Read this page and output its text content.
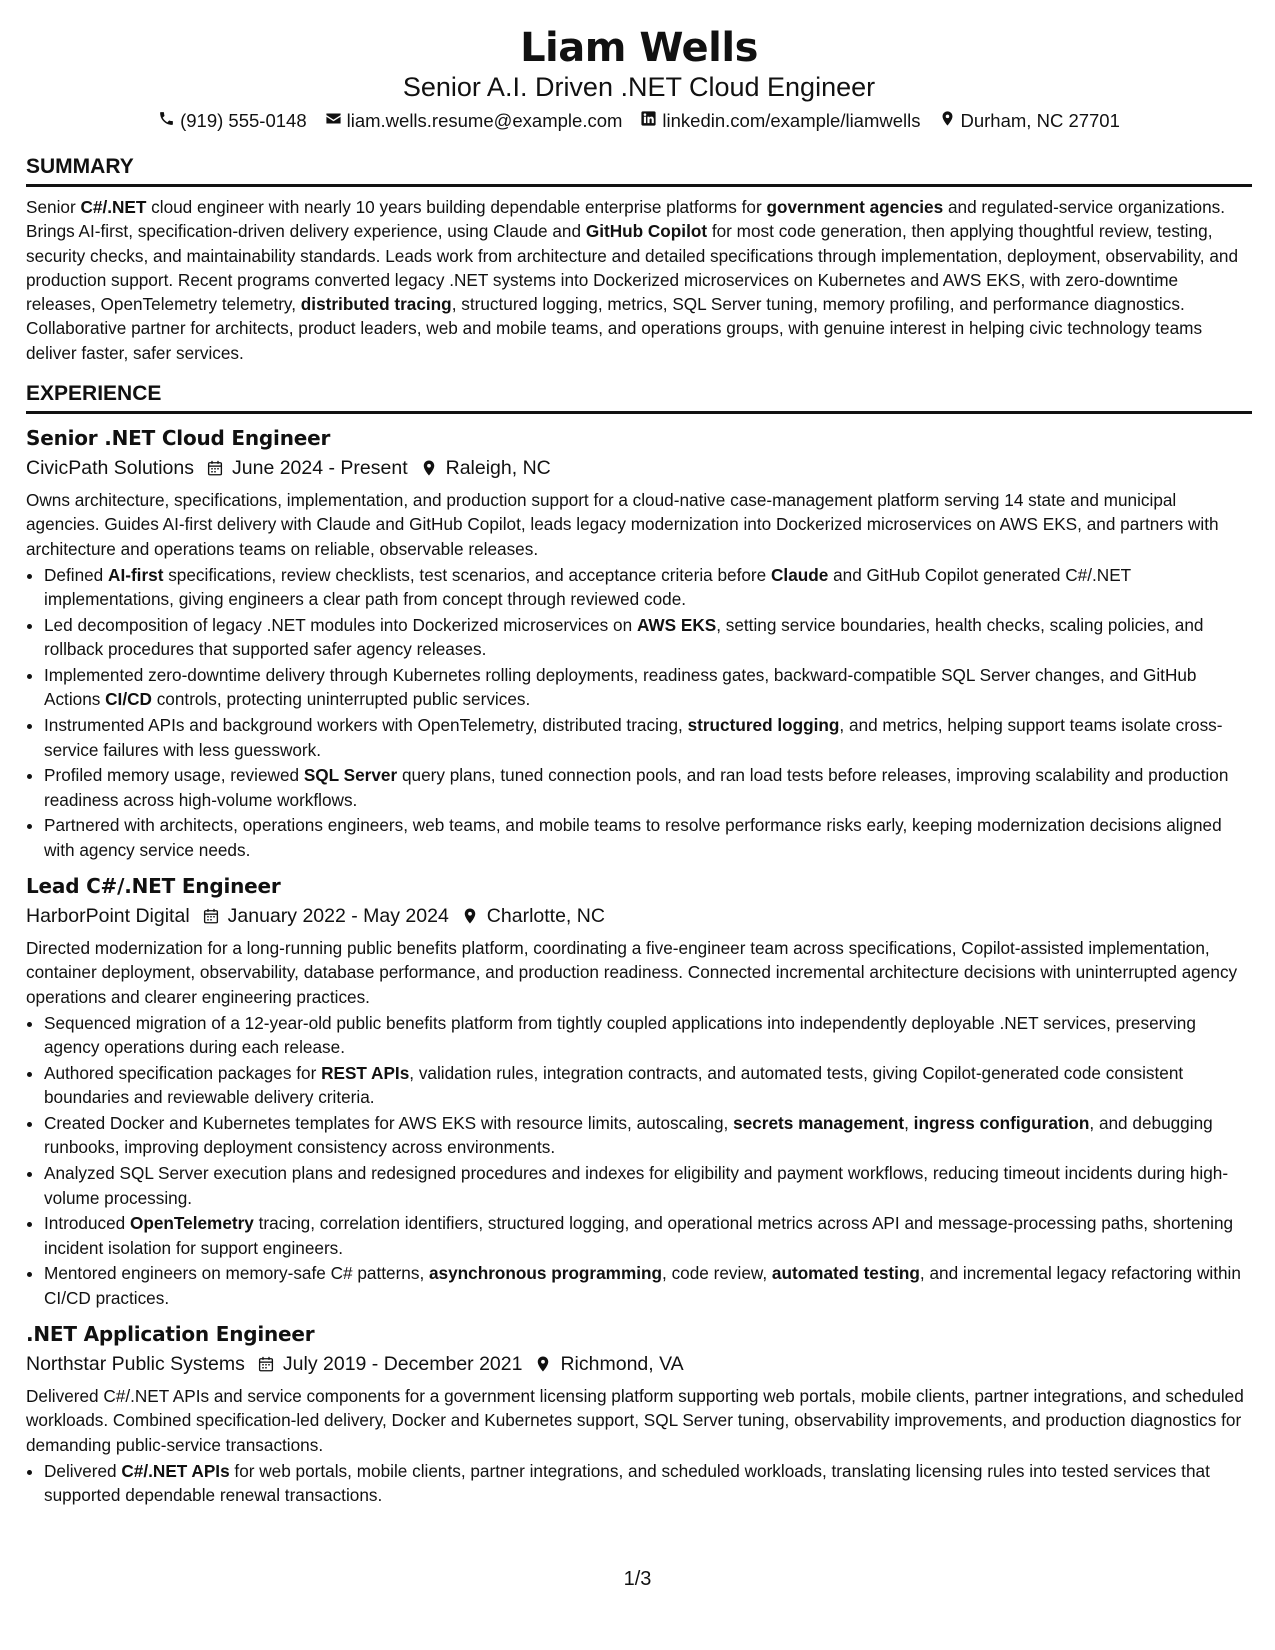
Liam Wells
Senior A.I. Driven .NET Cloud Engineer
(919) 555-0148 liam.wells.resume@example.com linkedin.com/example/liamwells Durham, NC 27701
SUMMARY

Senior C#/.NET cloud engineer with nearly 10 years building dependable enterprise platforms for government agencies and regulated-service organizations. Brings AI-first, specification-driven delivery experience, using Claude and GitHub Copilot for most code generation, then applying thoughtful review, testing, security checks, and maintainability standards. Leads work from architecture and detailed specifications through implementation, deployment, observability, and production support. Recent programs converted legacy .NET systems into Dockerized microservices on Kubernetes and AWS EKS, with zero-downtime releases, OpenTelemetry telemetry, distributed tracing, structured logging, metrics, SQL Server tuning, memory profiling, and performance diagnostics. Collaborative partner for architects, product leaders, web and mobile teams, and operations groups, with genuine interest in helping civic technology teams deliver faster, safer services.

EXPERIENCE
Senior .NET Cloud Engineer
CivicPath Solutions June 2024 - Present Raleigh, NC

Owns architecture, specifications, implementation, and production support for a cloud-native case-management platform serving 14 state and municipal agencies. Guides AI-first delivery with Claude and GitHub Copilot, leads legacy modernization into Dockerized microservices on AWS EKS, and partners with architecture and operations teams on reliable, observable releases.

• Defined AI-first specifications, review checklists, test scenarios, and acceptance criteria before Claude and GitHub Copilot generated C#/.NET implementations, giving engineers a clear path from concept through reviewed code.
• Led decomposition of legacy .NET modules into Dockerized microservices on AWS EKS, setting service boundaries, health checks, scaling policies, and rollback procedures that supported safer agency releases.
• Implemented zero-downtime delivery through Kubernetes rolling deployments, readiness gates, backward-compatible SQL Server changes, and GitHub Actions CI/CD controls, protecting uninterrupted public services.
• Instrumented APIs and background workers with OpenTelemetry, distributed tracing, structured logging, and metrics, helping support teams isolate cross-service failures with less guesswork.
• Profiled memory usage, reviewed SQL Server query plans, tuned connection pools, and ran load tests before releases, improving scalability and production readiness across high-volume workflows.
• Partnered with architects, operations engineers, web teams, and mobile teams to resolve performance risks early, keeping modernization decisions aligned with agency service needs.
Lead C#/.NET Engineer
HarborPoint Digital January 2022 - May 2024 Charlotte, NC

Directed modernization for a long-running public benefits platform, coordinating a five-engineer team across specifications, Copilot-assisted implementation, container deployment, observability, database performance, and production readiness. Connected incremental architecture decisions with uninterrupted agency operations and clearer engineering practices.

• Sequenced migration of a 12-year-old public benefits platform from tightly coupled applications into independently deployable .NET services, preserving agency operations during each release.
• Authored specification packages for REST APIs, validation rules, integration contracts, and automated tests, giving Copilot-generated code consistent boundaries and reviewable delivery criteria.
• Created Docker and Kubernetes templates for AWS EKS with resource limits, autoscaling, secrets management, ingress configuration, and debugging runbooks, improving deployment consistency across environments.
• Analyzed SQL Server execution plans and redesigned procedures and indexes for eligibility and payment workflows, reducing timeout incidents during high-volume processing.
• Introduced OpenTelemetry tracing, correlation identifiers, structured logging, and operational metrics across API and message-processing paths, shortening incident isolation for support engineers.
• Mentored engineers on memory-safe C# patterns, asynchronous programming, code review, automated testing, and incremental legacy refactoring within CI/CD practices.
.NET Application Engineer
Northstar Public Systems July 2019 - December 2021 Richmond, VA

Delivered C#/.NET APIs and service components for a government licensing platform supporting web portals, mobile clients, partner integrations, and scheduled workloads. Combined specification-led delivery, Docker and Kubernetes support, SQL Server tuning, observability improvements, and production diagnostics for demanding public-service transactions.

• Delivered C#/.NET APIs for web portals, mobile clients, partner integrations, and scheduled workloads, translating licensing rules into tested services that supported dependable renewal transactions.
1/3
